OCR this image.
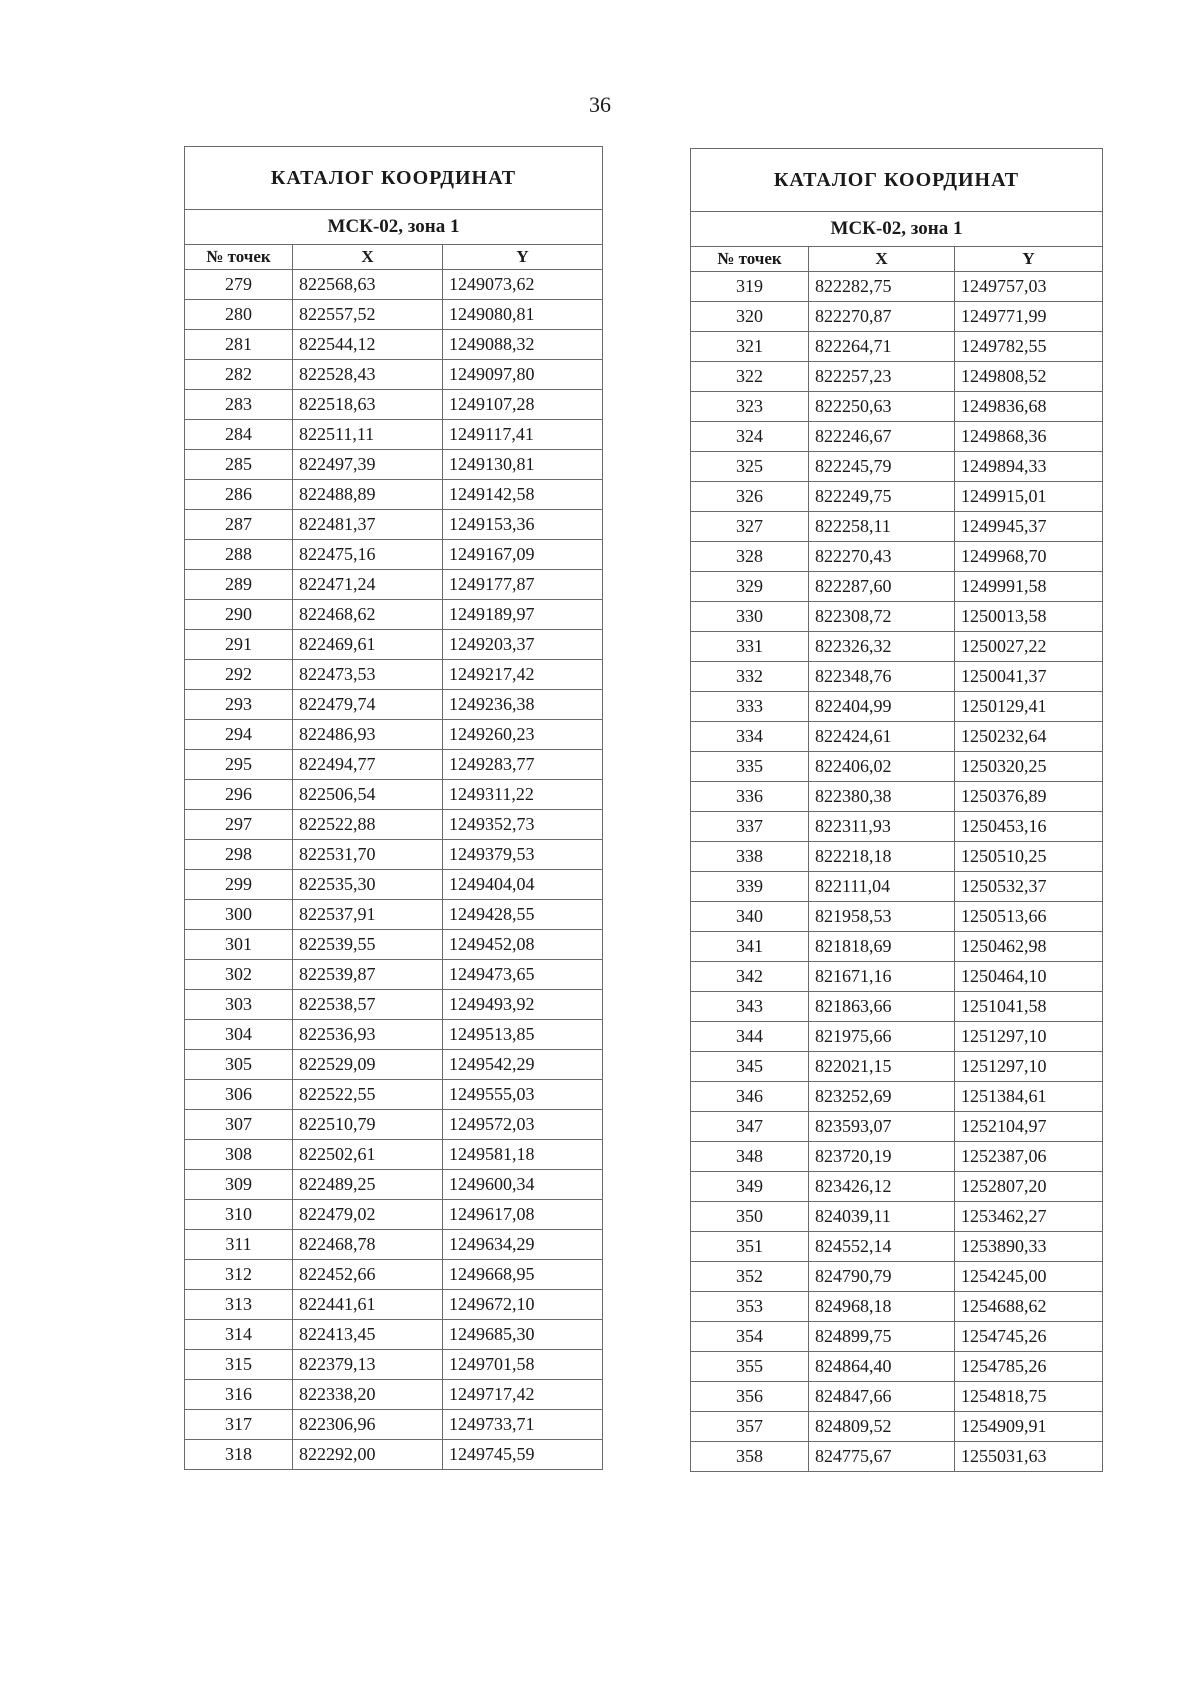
36
КАТАЛОГ КООРДИНАТ		
МСК-02, зона 1		
№ точек	X	Y
279	822568,63	1249073,62
280	822557,52	1249080,81
281	822544,12	1249088,32
282	822528,43	1249097,80
283	822518,63	1249107,28
284	822511,11	1249117,41
285	822497,39	1249130,81
286	822488,89	1249142,58
287	822481,37	1249153,36
288	822475,16	1249167,09
289	822471,24	1249177,87
290	822468,62	1249189,97
291	822469,61	1249203,37
292	822473,53	1249217,42
293	822479,74	1249236,38
294	822486,93	1249260,23
295	822494,77	1249283,77
296	822506,54	1249311,22
297	822522,88	1249352,73
298	822531,70	1249379,53
299	822535,30	1249404,04
300	822537,91	1249428,55
301	822539,55	1249452,08
302	822539,87	1249473,65
303	822538,57	1249493,92
304	822536,93	1249513,85
305	822529,09	1249542,29
306	822522,55	1249555,03
307	822510,79	1249572,03
308	822502,61	1249581,18
309	822489,25	1249600,34
310	822479,02	1249617,08
311	822468,78	1249634,29
312	822452,66	1249668,95
313	822441,61	1249672,10
314	822413,45	1249685,30
315	822379,13	1249701,58
316	822338,20	1249717,42
317	822306,96	1249733,71
318	822292,00	1249745,59
КАТАЛОГ КООРДИНАТ		
МСК-02, зона 1		
№ точек	X	Y
319	822282,75	1249757,03
320	822270,87	1249771,99
321	822264,71	1249782,55
322	822257,23	1249808,52
323	822250,63	1249836,68
324	822246,67	1249868,36
325	822245,79	1249894,33
326	822249,75	1249915,01
327	822258,11	1249945,37
328	822270,43	1249968,70
329	822287,60	1249991,58
330	822308,72	1250013,58
331	822326,32	1250027,22
332	822348,76	1250041,37
333	822404,99	1250129,41
334	822424,61	1250232,64
335	822406,02	1250320,25
336	822380,38	1250376,89
337	822311,93	1250453,16
338	822218,18	1250510,25
339	822111,04	1250532,37
340	821958,53	1250513,66
341	821818,69	1250462,98
342	821671,16	1250464,10
343	821863,66	1251041,58
344	821975,66	1251297,10
345	822021,15	1251297,10
346	823252,69	1251384,61
347	823593,07	1252104,97
348	823720,19	1252387,06
349	823426,12	1252807,20
350	824039,11	1253462,27
351	824552,14	1253890,33
352	824790,79	1254245,00
353	824968,18	1254688,62
354	824899,75	1254745,26
355	824864,40	1254785,26
356	824847,66	1254818,75
357	824809,52	1254909,91
358	824775,67	1255031,63
